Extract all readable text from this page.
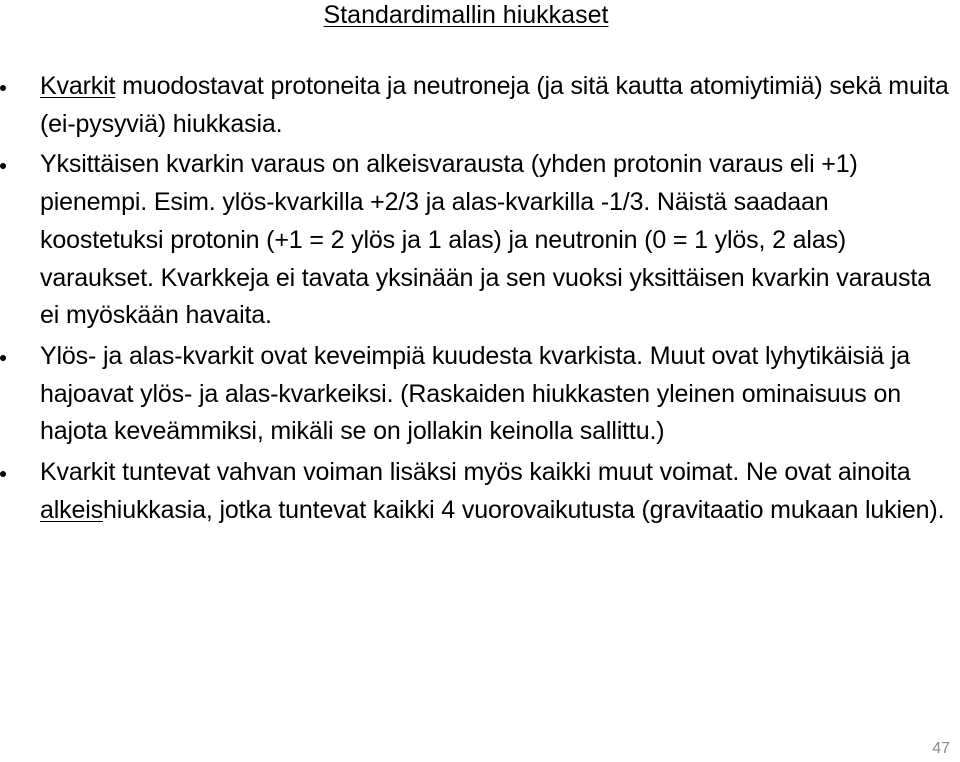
Standardimallin hiukkaset
Kvarkit muodostavat protoneita ja neutroneja (ja sitä kautta atomiytimiä) sekä muita (ei-pysyviä) hiukkasia.
Yksittäisen kvarkin varaus on alkeisvarausta (yhden protonin varaus eli +1) pienempi. Esim. ylös-kvarkilla +2/3 ja alas-kvarkilla -1/3. Näistä saadaan koostetuksi protonin (+1 = 2 ylös ja 1 alas) ja neutronin (0 = 1 ylös, 2 alas) varaukset. Kvarkkeja ei tavata yksinään ja sen vuoksi yksittäisen kvarkin varausta ei myöskään havaita.
Ylös- ja alas-kvarkit ovat keveimpiä kuudesta kvarkista. Muut ovat lyhytikäisiä ja hajoavat ylös- ja alas-kvarkeiksi. (Raskaiden hiukkasten yleinen ominaisuus on hajota keveämmiksi, mikäli se on jollakin keinolla sallittu.)
Kvarkit tuntevat vahvan voiman lisäksi myös kaikki muut voimat. Ne ovat ainoita alkeishiukkasia, jotka tuntevat kaikki 4 vuorovaikutusta (gravitaatio mukaan lukien).
47
